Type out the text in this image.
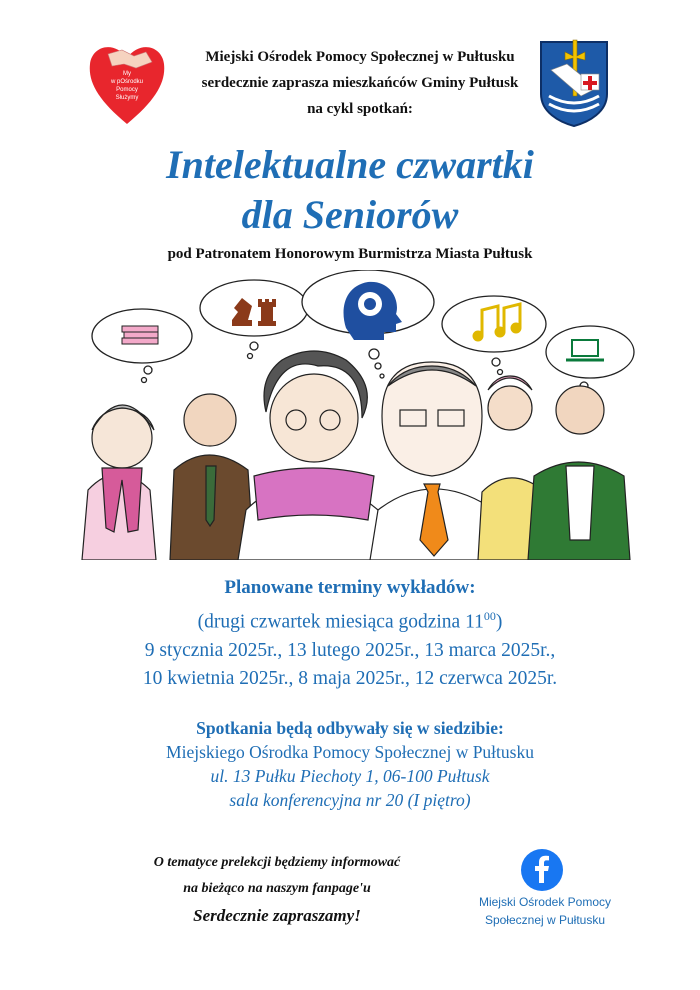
My
w pOśrodku
Pomocy
Służymy
Miejski Ośrodek Pomocy Społecznej w Pułtusku
serdecznie zaprasza mieszkańców Gminy Pułtusk
na cykl spotkań:
Intelektualne czwartki
dla Seniorów
pod Patronatem Honorowym Burmistrza Miasta Pułtusk
Planowane terminy wykładów:
(drugi czwartek miesiąca godzina $11^{00}$)
9 stycznia 2025r., 13 lutego 2025r., 13 marca 2025r.,
10 kwietnia 2025r., 8 maja 2025r., 12 czerwca 2025r.
Spotkania będą odbywały się w siedzibie:
Miejskiego Ośrodka Pomocy Społecznej w Pułtusku
ul. 13 Pułku Piechoty 1, 06-100 Pułtusk
sala konferencyjna nr 20 (I piętro)
O tematyce prelekcji będziemy informować
na bieżąco na naszym fanpage'u
Serdecznie zapraszamy!
Miejski Ośrodek Pomocy
Społecznej w Pułtusku
